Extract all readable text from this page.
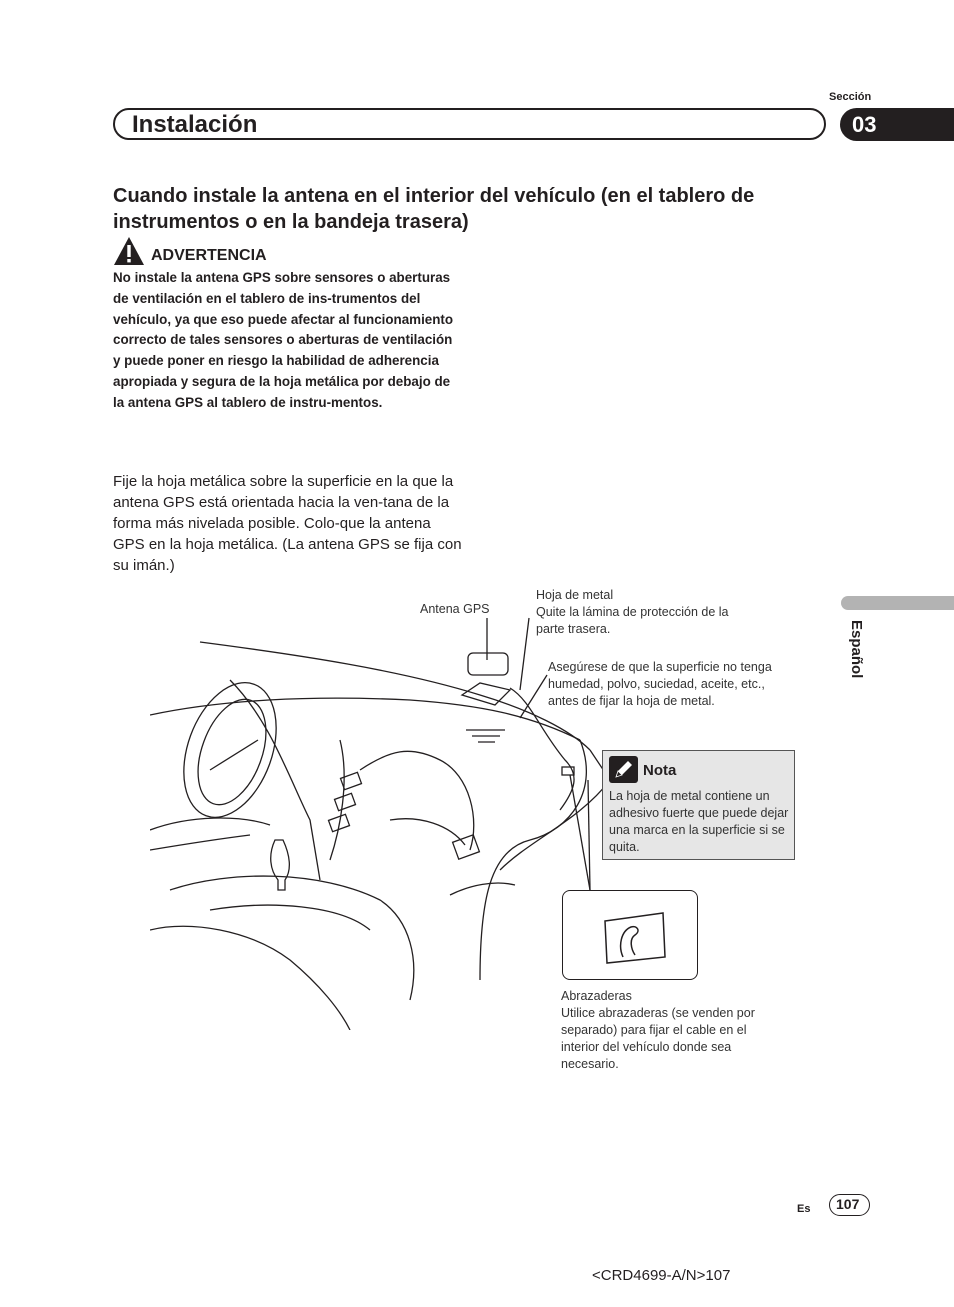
Sección
Instalación	03
Cuando instale la antena en el interior del vehículo (en el tablero de instrumentos o en la bandeja trasera)
ADVERTENCIA
No instale la antena GPS sobre sensores o aberturas de ventilación en el tablero de ins-trumentos del vehículo, ya que eso puede afectar al funcionamiento correcto de tales sensores o aberturas de ventilación y puede poner en riesgo la habilidad de adherencia apropiada y segura de la hoja metálica por debajo de la antena GPS al tablero de instru-mentos.
Fije la hoja metálica sobre la superficie en la que la antena GPS está orientada hacia la ven-tana de la forma más nivelada posible. Colo-que la antena GPS en la hoja metálica. (La antena GPS se fija con su imán.)
Antena GPS
Hoja de metal
Quite la lámina de protección de la parte trasera.
Asegúrese de que la superficie no tenga humedad, polvo, suciedad, aceite, etc., antes de fijar la hoja de metal.
Nota
La hoja de metal contiene un adhesivo fuerte que puede dejar una marca en la superficie si se quita.
Abrazaderas
Utilice abrazaderas (se venden por separado) para fijar el cable en el interior del vehículo donde sea necesario.
Español
Es 107
<CRD4699-A/N>107
